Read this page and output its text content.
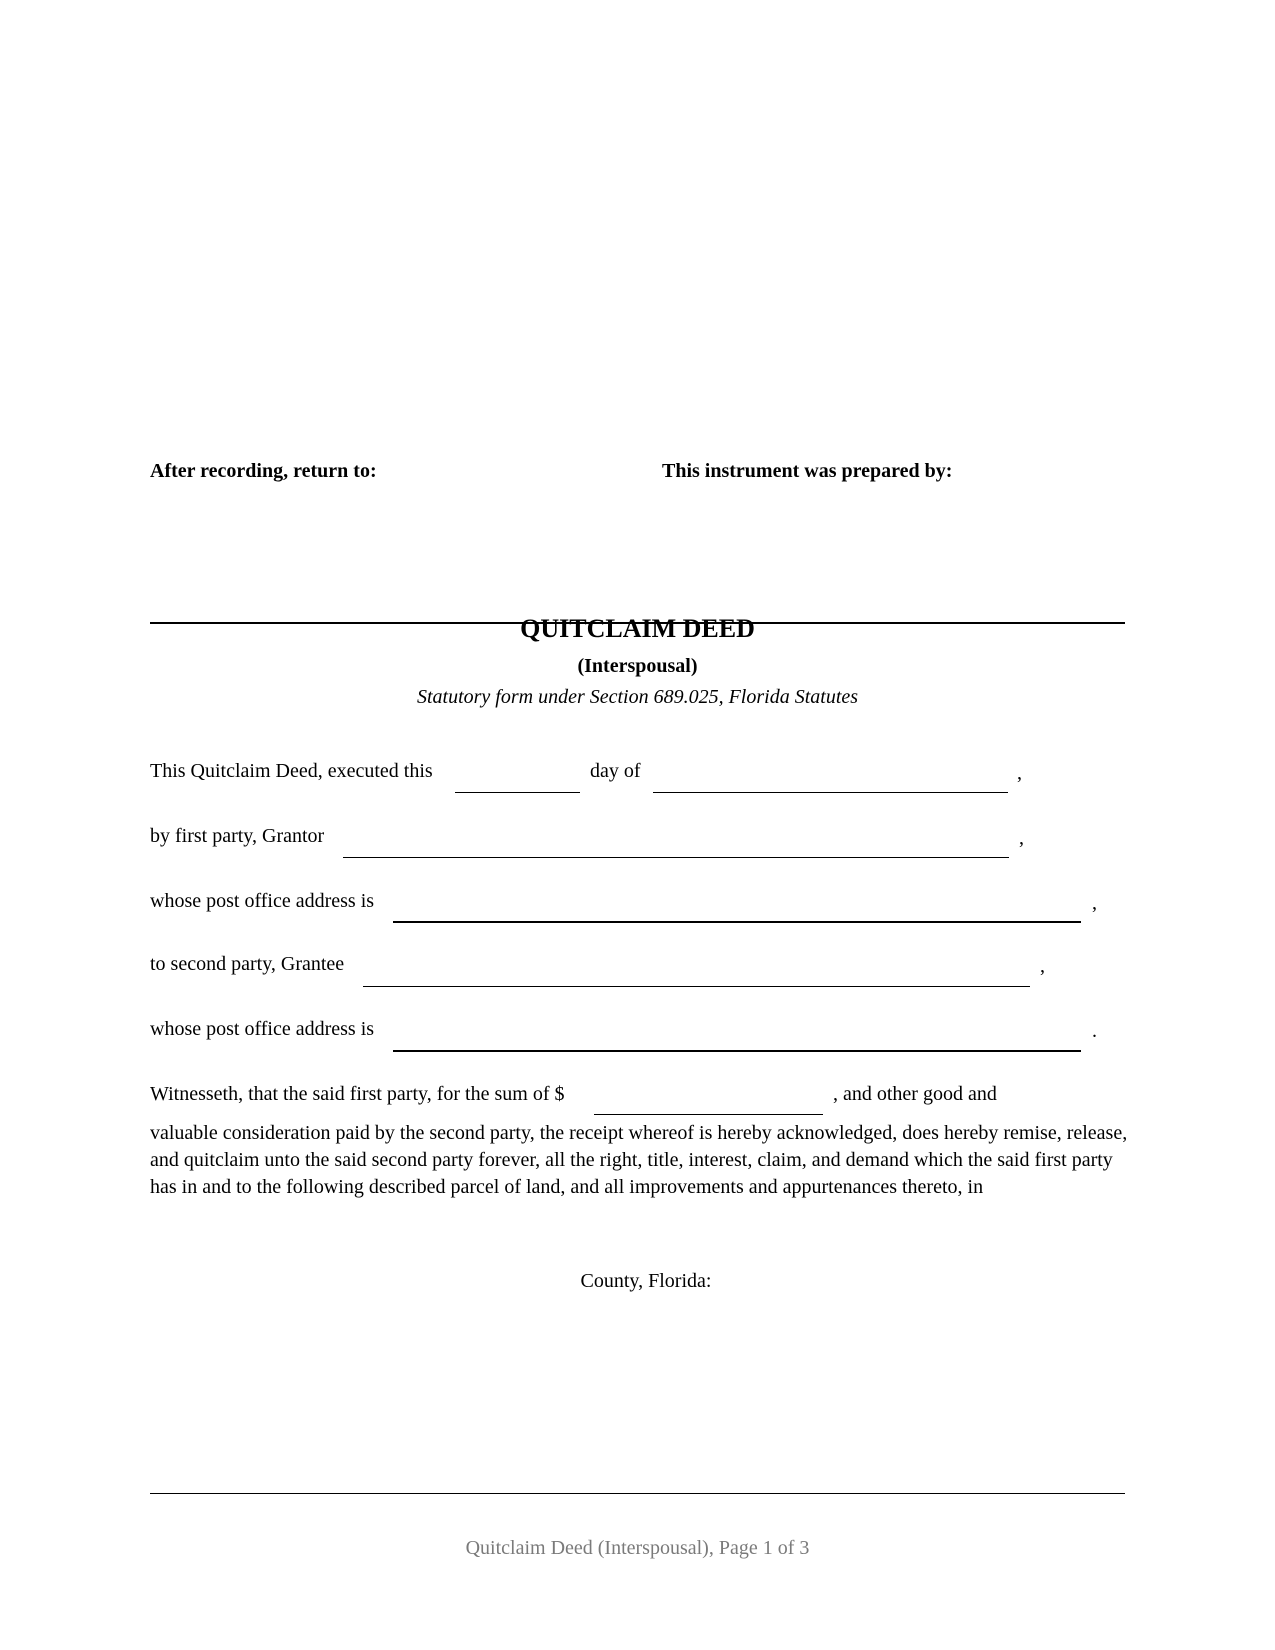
After recording, return to:	This instrument was prepared by:
QUITCLAIM DEED
(Interspousal)
Statutory form under Section 689.025, Florida Statutes
This Quitclaim Deed, executed this	day of	,
by first party, Grantor	,
whose post office address is	,
to second party, Grantee	,
whose post office address is	.
Witnesseth, that the said first party, for the sum of $	, and other good and
valuable consideration paid by the second party, the receipt whereof is hereby acknowledged, does hereby remise, release, and quitclaim unto the said second party forever, all the right, title, interest, claim, and demand which the said first party has in and to the following described parcel of land, and all improvements and appurtenances thereto, in
County, Florida:
Quitclaim Deed (Interspousal), Page 1 of 3
